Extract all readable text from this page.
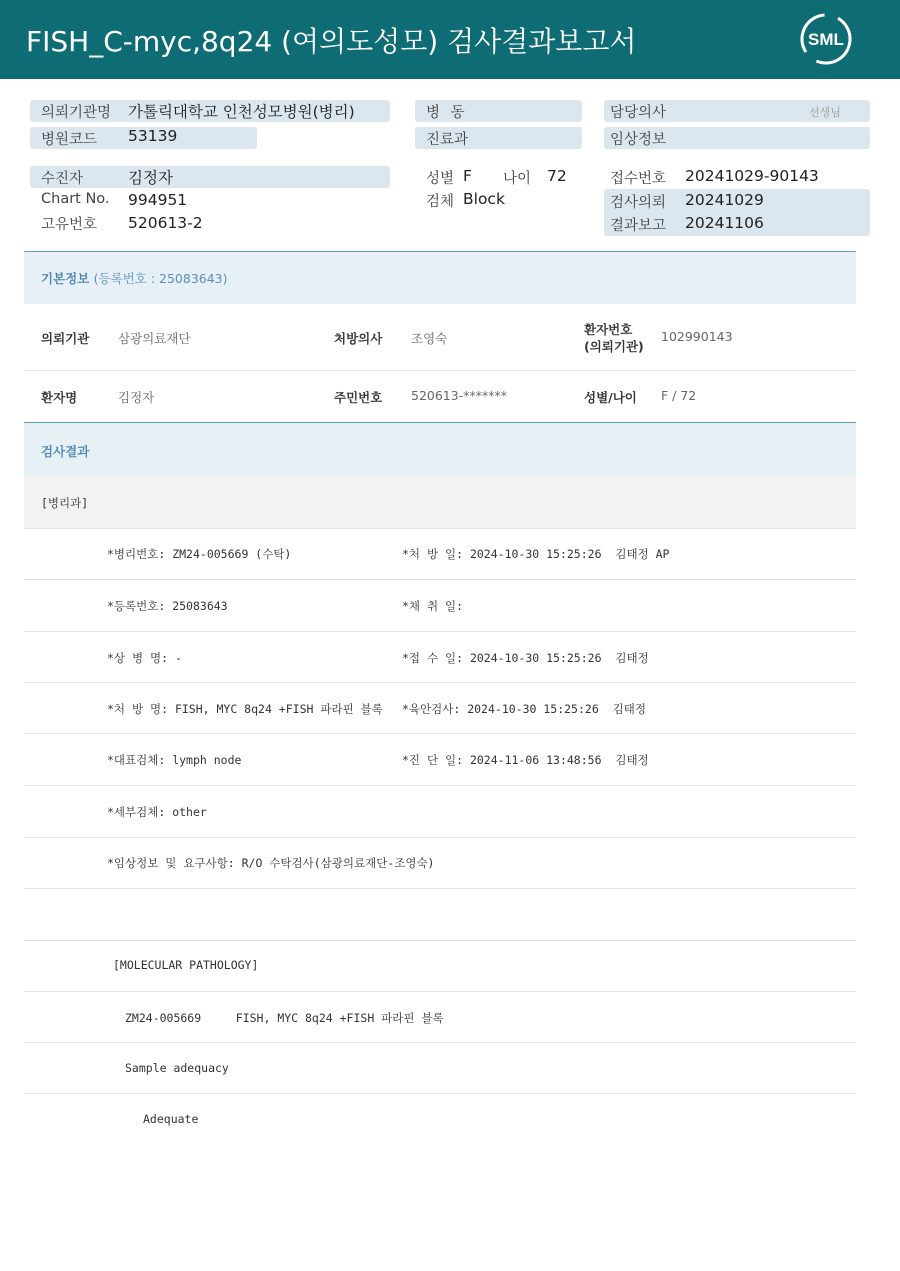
FISH_C-myc,8q24 (여의도성모) 검사결과보고서	SML
의뢰기관명 가톨릭대학교 인천성모병원(병리)
병원코드 53139
병 동
진료과
담당의사	선생님
임상정보
수진자	김정자
Chart No. 994951
고유번호 520613-2
성별 F 나이 72
검체 Block
접수번호 20241029-90143
검사의뢰 20241029
결과보고 20241106
기본정보 (등록번호 : 25083643)
의뢰기관 삼광의료재단	처방의사 조영숙
환자번호
(의뢰기관)
102990143
환자명	김정자	주민번호 520613-*******	성별/나이 F / 72
검사결과
[병리과]
*병리번호: ZM24-005669 (수탁)	*처 방 일: 2024-10-30 15:25:26  김태정 AP
*등록번호: 25083643	*채 취 일:
*상 병 명: -	*접 수 일: 2024-10-30 15:25:26  김태정
*처 방 명: FISH, MYC 8q24 +FISH 파라핀 블록 *육안검사: 2024-10-30 15:25:26  김태정
*대표검체: lymph node	*진 단 일: 2024-11-06 13:48:56  김태정
*세부검체: other
*임상정보 및 요구사항: R/O 수탁검사(삼광의료재단-조영숙)
[MOLECULAR PATHOLOGY]
ZM24-005669     FISH, MYC 8q24 +FISH 파라핀 블록
Sample adequacy
Adequate
